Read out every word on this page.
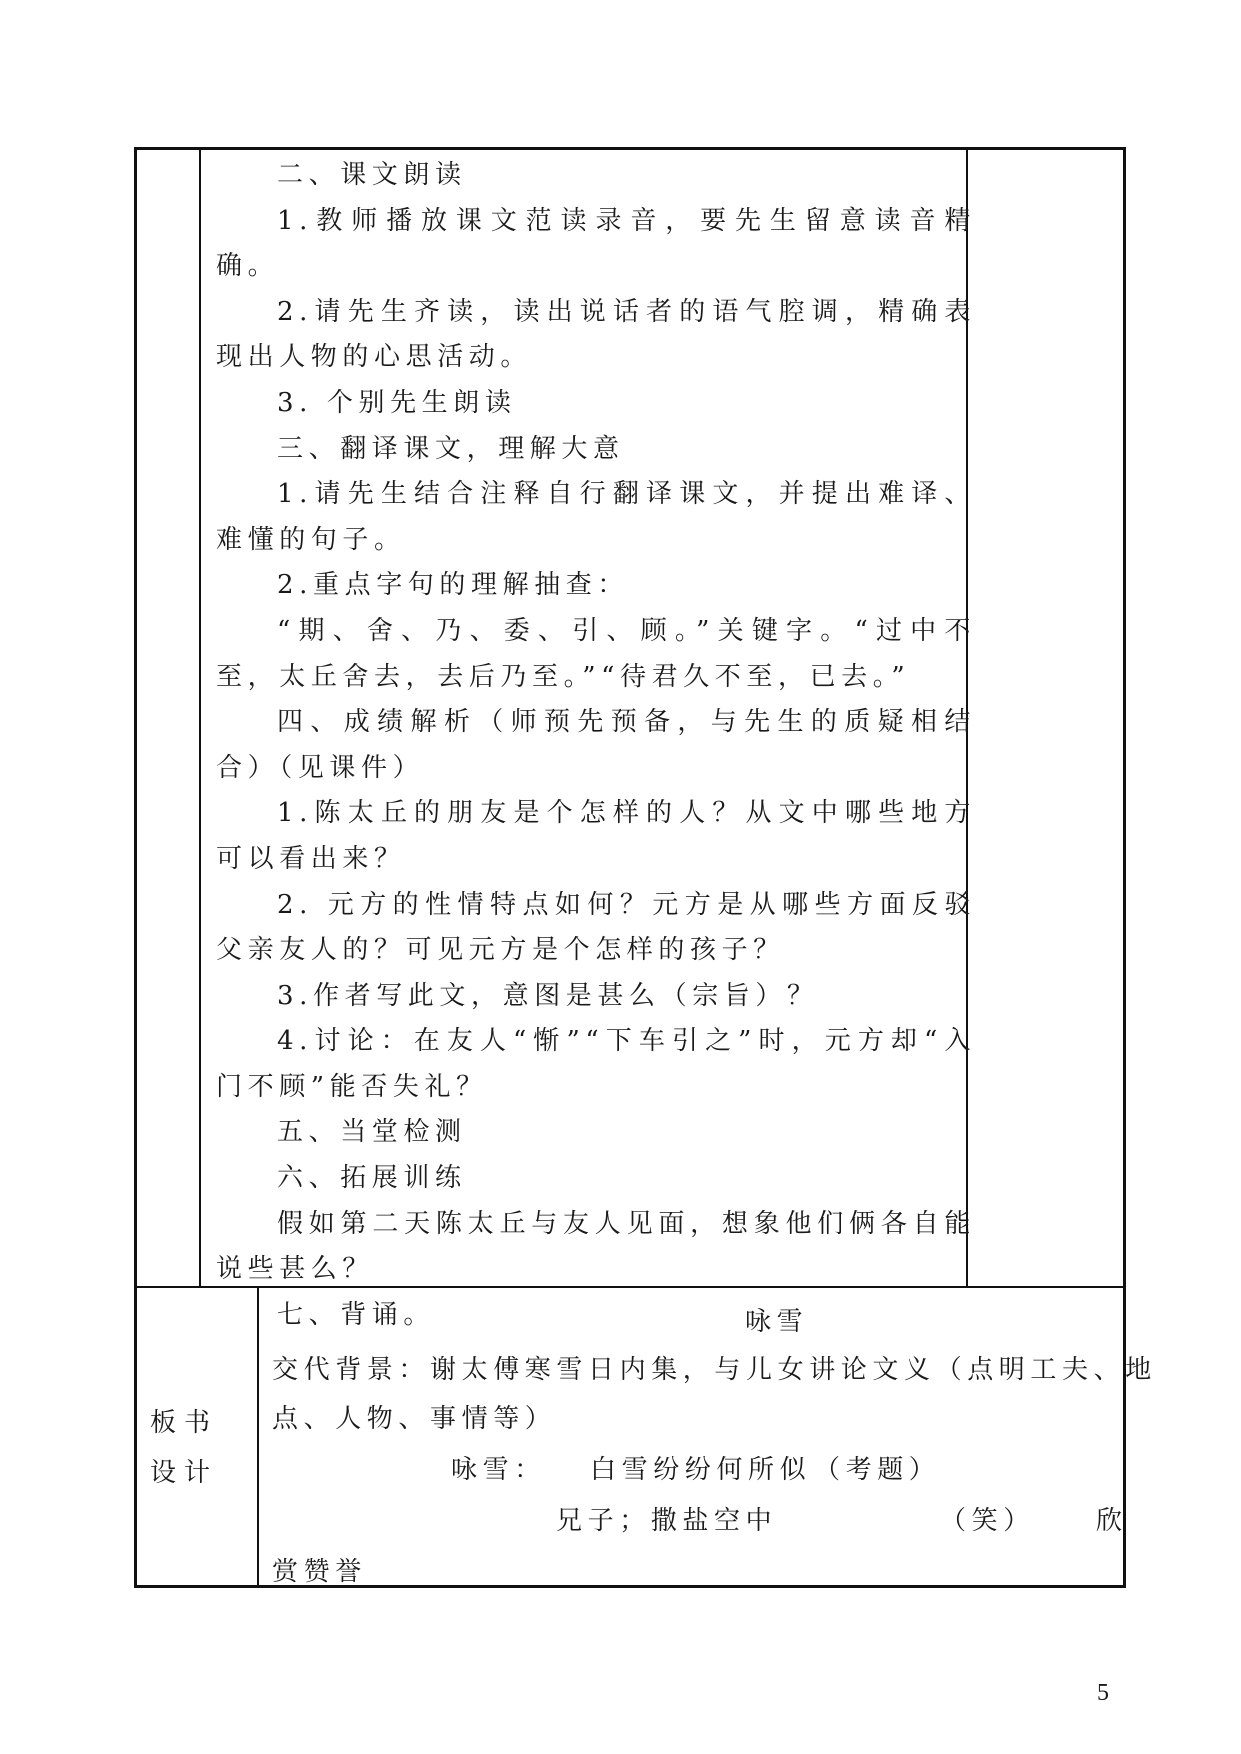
二、课文朗读

1.教师播放课文范读录音，要先生留意读音精确。

2.请先生齐读，读出说话者的语气腔调，精确表现出人物的心思活动。

3. 个别先生朗读

三、翻译课文，理解大意

1.请先生结合注释自行翻译课文，并提出难译、难懂的句子。

2.重点字句的理解抽查：

“期、舍、乃、委、引、顾。”关键字。“过中不至，太丘舍去，去后乃至。”“待君久不至，已去。”

四、成绩解析（师预先预备，与先生的质疑相结合）（见课件）

1.陈太丘的朋友是个怎样的人？从文中哪些地方可以看出来？

2. 元方的性情特点如何？元方是从哪些方面反驳父亲友人的？可见元方是个怎样的孩子？

3.作者写此文，意图是甚么（宗旨）？

4.讨论：在友人“惭”“下车引之”时，元方却“入门不顾”能否失礼？

五、当堂检测

六、拓展训练

假如第二天陈太丘与友人见面，想象他们俩各自能说些甚么？

七、背诵。

板书
设计

咏雪

交代背景：谢太傅寒雪日内集，与儿女讲论文义（点明工夫、地

点、人物、事情等）

咏雪： 白雪纷纷何所似 （考题）

兄子；撒盐空中	（笑） 欣

赏赞誉

5
